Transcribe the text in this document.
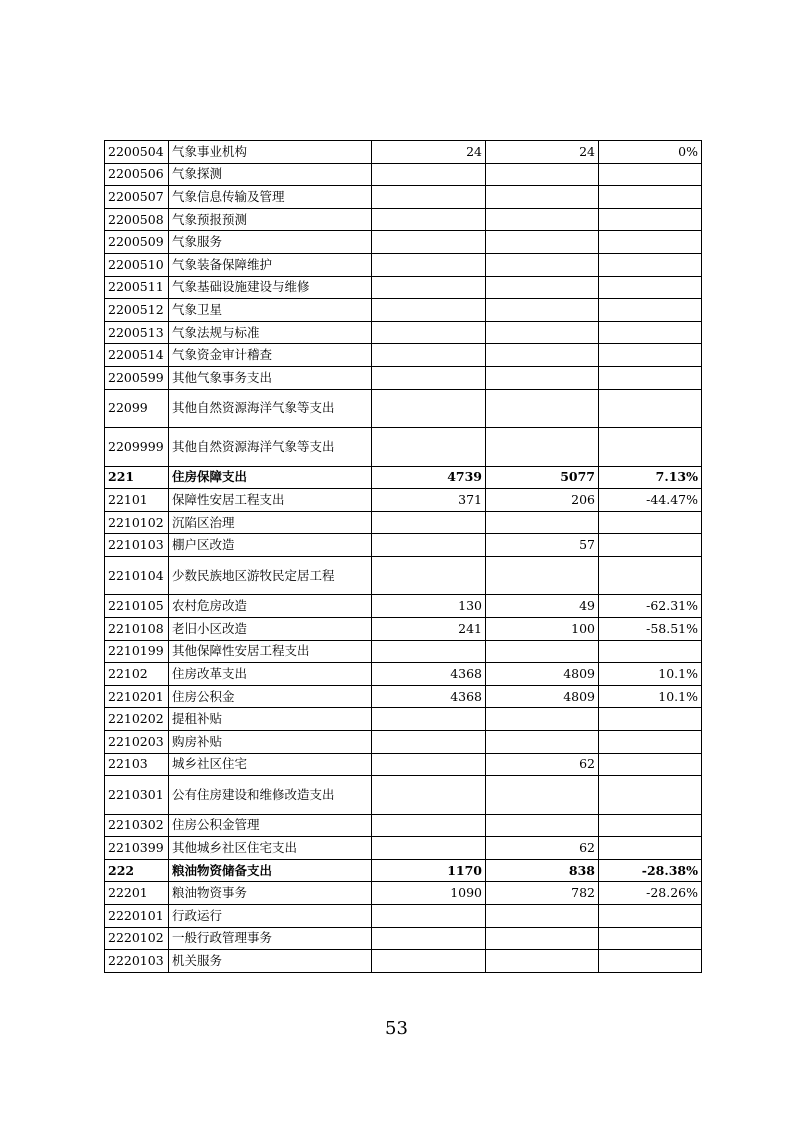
2200504	气象事业机构	24	24	0%
2200506	气象探测			
2200507	气象信息传输及管理			
2200508	气象预报预测			
2200509	气象服务			
2200510	气象装备保障维护			
2200511	气象基础设施建设与维修			
2200512	气象卫星			
2200513	气象法规与标准			
2200514	气象资金审计稽查			
2200599	其他气象事务支出			
22099	其他自然资源海洋气象等支出			
2209999	其他自然资源海洋气象等支出			
221	住房保障支出	4739	5077	7.13%
22101	保障性安居工程支出	371	206	-44.47%
2210102	沉陷区治理			
2210103	棚户区改造		57	
2210104	少数民族地区游牧民定居工程			
2210105	农村危房改造	130	49	-62.31%
2210108	老旧小区改造	241	100	-58.51%
2210199	其他保障性安居工程支出			
22102	住房改革支出	4368	4809	10.1%
2210201	住房公积金	4368	4809	10.1%
2210202	提租补贴			
2210203	购房补贴			
22103	城乡社区住宅		62	
2210301	公有住房建设和维修改造支出			
2210302	住房公积金管理			
2210399	其他城乡社区住宅支出		62	
222	粮油物资储备支出	1170	838	-28.38%
22201	粮油物资事务	1090	782	-28.26%
2220101	行政运行			
2220102	一般行政管理事务			
2220103	机关服务			
53
